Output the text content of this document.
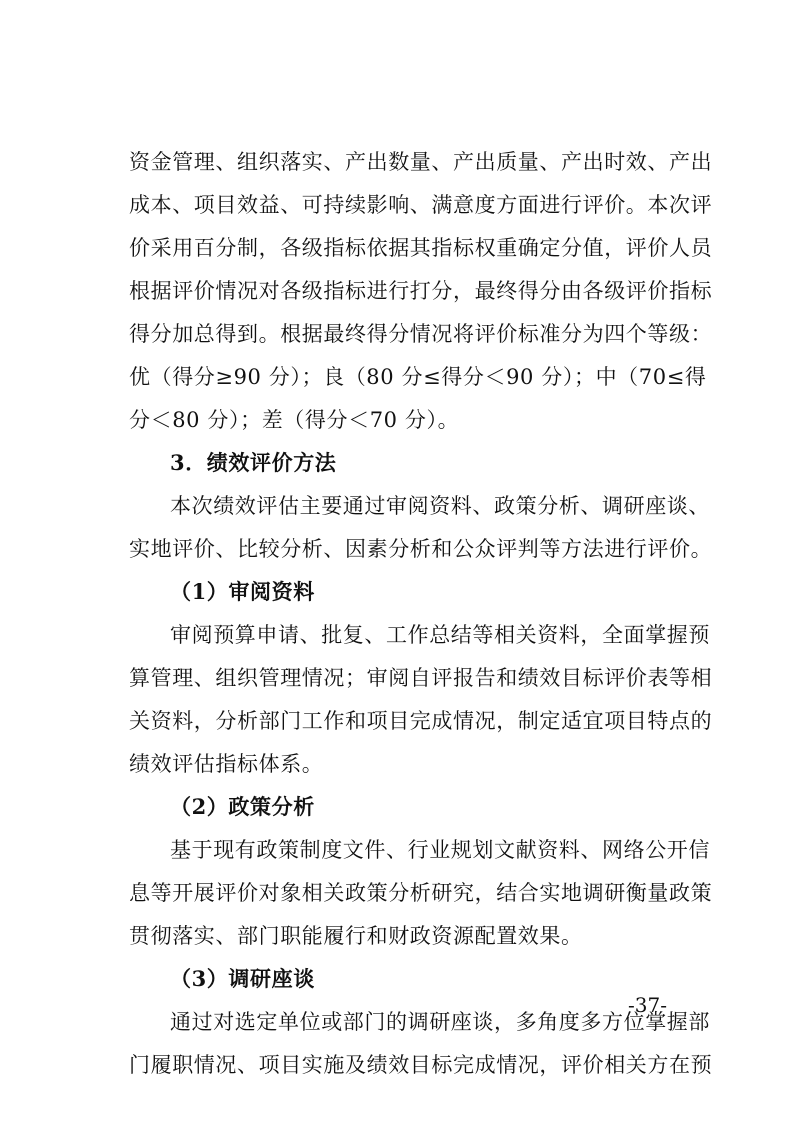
资金管理、组织落实、产出数量、产出质量、产出时效、产出
成本、项目效益、可持续影响、满意度方面进行评价。本次评
价采用百分制，各级指标依据其指标权重确定分值，评价人员
根据评价情况对各级指标进行打分，最终得分由各级评价指标
得分加总得到。根据最终得分情况将评价标准分为四个等级：
优（得分≥90 分）；良（80 分≤得分＜90 分）；中（70≤得
分＜80 分）；差（得分＜70 分）。
3．绩效评价方法
本次绩效评估主要通过审阅资料、政策分析、调研座谈、
实地评价、比较分析、因素分析和公众评判等方法进行评价。
（1）审阅资料
审阅预算申请、批复、工作总结等相关资料，全面掌握预
算管理、组织管理情况；审阅自评报告和绩效目标评价表等相
关资料，分析部门工作和项目完成情况，制定适宜项目特点的
绩效评估指标体系。
（2）政策分析
基于现有政策制度文件、行业规划文献资料、网络公开信
息等开展评价对象相关政策分析研究，结合实地调研衡量政策
贯彻落实、部门职能履行和财政资源配置效果。
（3）调研座谈
通过对选定单位或部门的调研座谈，多角度多方位掌握部
门履职情况、项目实施及绩效目标完成情况，评价相关方在预
-37-
